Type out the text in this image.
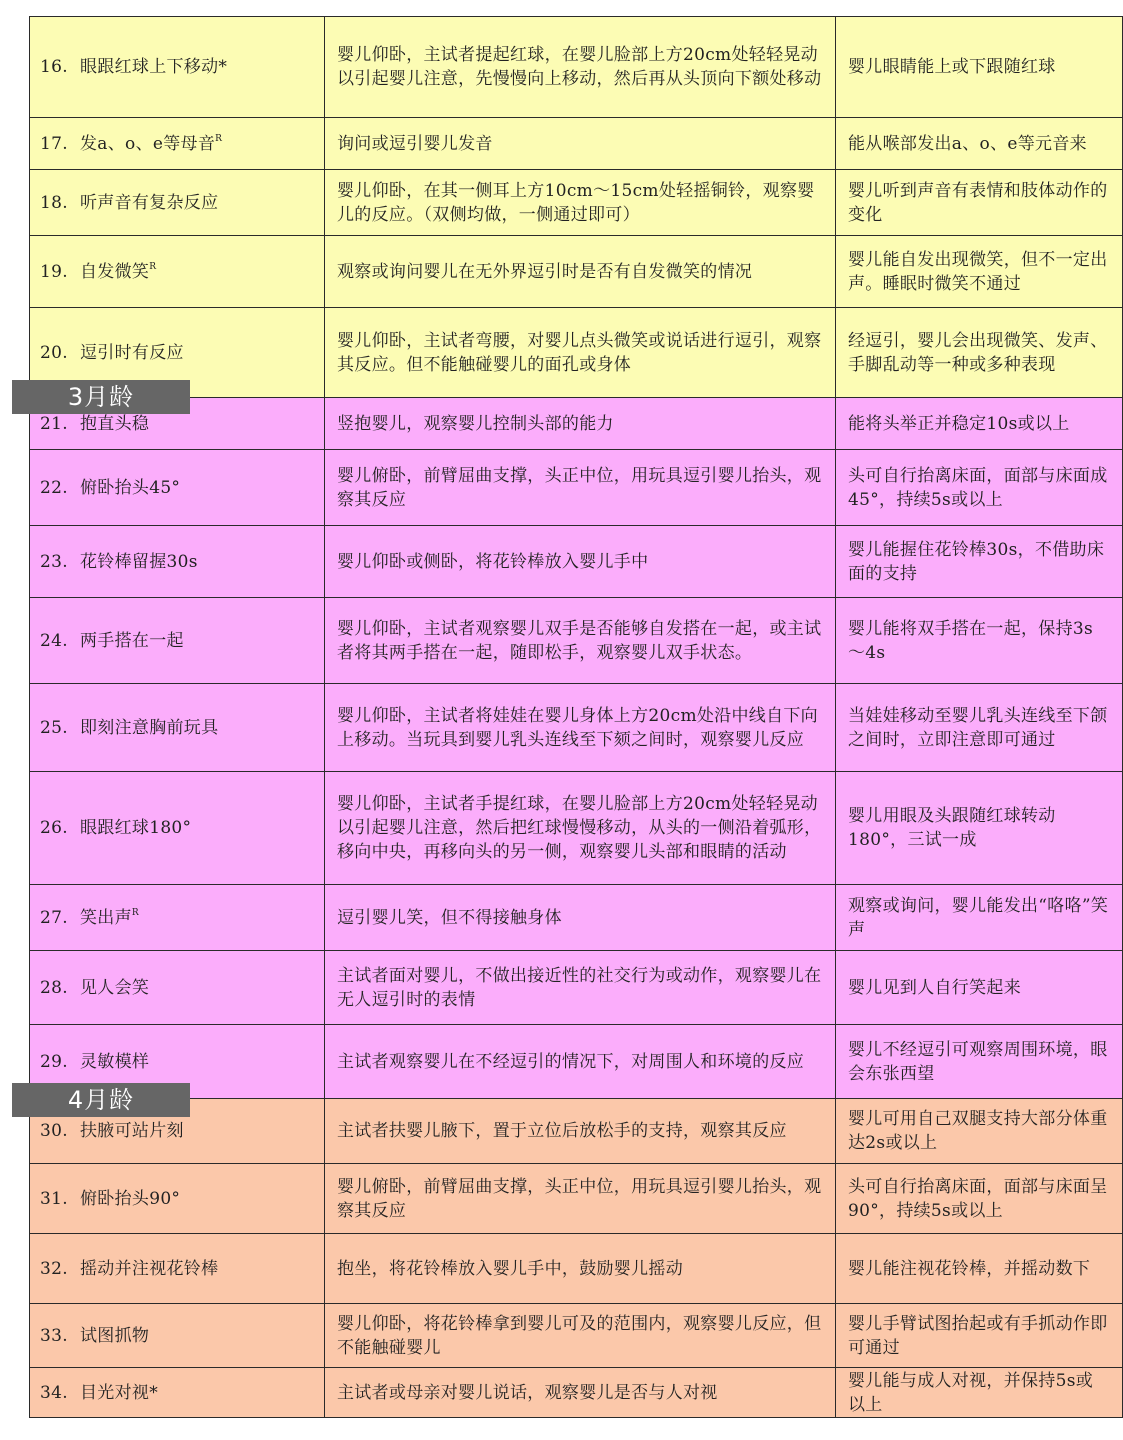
16. 眼跟红球上下移动*	婴儿仰卧，主试者提起红球，在婴儿脸部上方20cm处轻轻晃动以引起婴儿注意，先慢慢向上移动，然后再从头顶向下额处移动	婴儿眼睛能上或下跟随红球
17. 发a、o、e等母音$^R$	询问或逗引婴儿发音	能从喉部发出a、o、e等元音来
18. 听声音有复杂反应	婴儿仰卧，在其一侧耳上方10cm～15cm处轻摇铜铃，观察婴儿的反应。（双侧均做，一侧通过即可）	婴儿听到声音有表情和肢体动作的变化
19. 自发微笑$^R$	观察或询问婴儿在无外界逗引时是否有自发微笑的情况	婴儿能自发出现微笑，但不一定出声。睡眠时微笑不通过
20. 逗引时有反应	婴儿仰卧，主试者弯腰，对婴儿点头微笑或说话进行逗引，观察其反应。但不能触碰婴儿的面孔或身体	经逗引，婴儿会出现微笑、发声、手脚乱动等一种或多种表现
21. 抱直头稳	竖抱婴儿，观察婴儿控制头部的能力	能将头举正并稳定10s或以上
22. 俯卧抬头45°	婴儿俯卧，前臂屈曲支撑，头正中位，用玩具逗引婴儿抬头，观察其反应	头可自行抬离床面，面部与床面成45°，持续5s或以上
23. 花铃棒留握30s	婴儿仰卧或侧卧，将花铃棒放入婴儿手中	婴儿能握住花铃棒30s，不借助床面的支持
24. 两手搭在一起	婴儿仰卧，主试者观察婴儿双手是否能够自发搭在一起，或主试者将其两手搭在一起，随即松手，观察婴儿双手状态。	婴儿能将双手搭在一起，保持3s～4s
25. 即刻注意胸前玩具	婴儿仰卧，主试者将娃娃在婴儿身体上方20cm处沿中线自下向上移动。当玩具到婴儿乳头连线至下颏之间时，观察婴儿反应	当娃娃移动至婴儿乳头连线至下颌之间时，立即注意即可通过
26. 眼跟红球180°	婴儿仰卧，主试者手提红球，在婴儿脸部上方20cm处轻轻晃动以引起婴儿注意，然后把红球慢慢移动，从头的一侧沿着弧形，移向中央，再移向头的另一侧，观察婴儿头部和眼睛的活动	婴儿用眼及头跟随红球转动180°，三试一成
27. 笑出声$^R$	逗引婴儿笑，但不得接触身体	观察或询问，婴儿能发出“咯咯”笑声
28. 见人会笑	主试者面对婴儿，不做出接近性的社交行为或动作，观察婴儿在无人逗引时的表情	婴儿见到人自行笑起来
29. 灵敏模样	主试者观察婴儿在不经逗引的情况下，对周围人和环境的反应	婴儿不经逗引可观察周围环境，眼会东张西望
30. 扶腋可站片刻	主试者扶婴儿腋下，置于立位后放松手的支持，观察其反应	婴儿可用自己双腿支持大部分体重达2s或以上
31. 俯卧抬头90°	婴儿俯卧，前臂屈曲支撑，头正中位，用玩具逗引婴儿抬头，观察其反应	头可自行抬离床面，面部与床面呈90°，持续5s或以上
32. 摇动并注视花铃棒	抱坐，将花铃棒放入婴儿手中，鼓励婴儿摇动	婴儿能注视花铃棒，并摇动数下
33. 试图抓物	婴儿仰卧，将花铃棒拿到婴儿可及的范围内，观察婴儿反应，但不能触碰婴儿	婴儿手臂试图抬起或有手抓动作即可通过
34. 目光对视*	主试者或母亲对婴儿说话，观察婴儿是否与人对视	婴儿能与成人对视，并保持5s或以上
3月龄
4月龄
